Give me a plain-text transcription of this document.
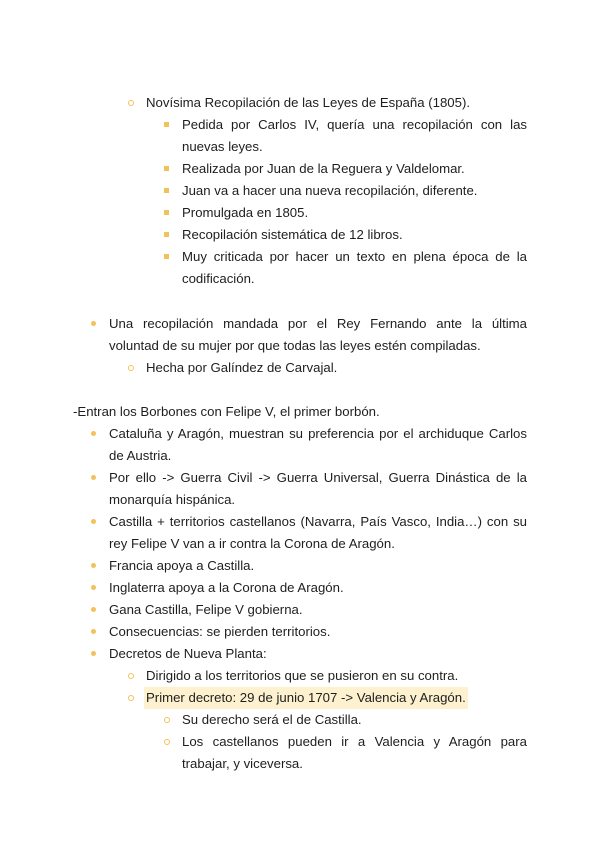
Novísima Recopilación de las Leyes de España (1805).
Pedida por Carlos IV, quería una recopilación con las
nuevas leyes.
Realizada por Juan de la Reguera y Valdelomar.
Juan va a hacer una nueva recopilación, diferente.
Promulgada en 1805.
Recopilación sistemática de 12 libros.
Muy criticada por hacer un texto en plena época de la
codificación.
Una recopilación mandada por el Rey Fernando ante la última
voluntad de su mujer por que todas las leyes estén compiladas.
Hecha por Galíndez de Carvajal.
-Entran los Borbones con Felipe V, el primer borbón.
Cataluña y Aragón, muestran su preferencia por el archiduque Carlos
de Austria.
Por ello -> Guerra Civil -> Guerra Universal, Guerra Dinástica de la
monarquía hispánica.
Castilla + territorios castellanos (Navarra, País Vasco, India…) con su
rey Felipe V van a ir contra la Corona de Aragón.
Francia apoya a Castilla.
Inglaterra apoya a la Corona de Aragón.
Gana Castilla, Felipe V gobierna.
Consecuencias: se pierden territorios.
Decretos de Nueva Planta:
Dirigido a los territorios que se pusieron en su contra.
Primer decreto: 29 de junio 1707 -> Valencia y Aragón.
Su derecho será el de Castilla.
Los castellanos pueden ir a Valencia y Aragón para
trabajar, y viceversa.
